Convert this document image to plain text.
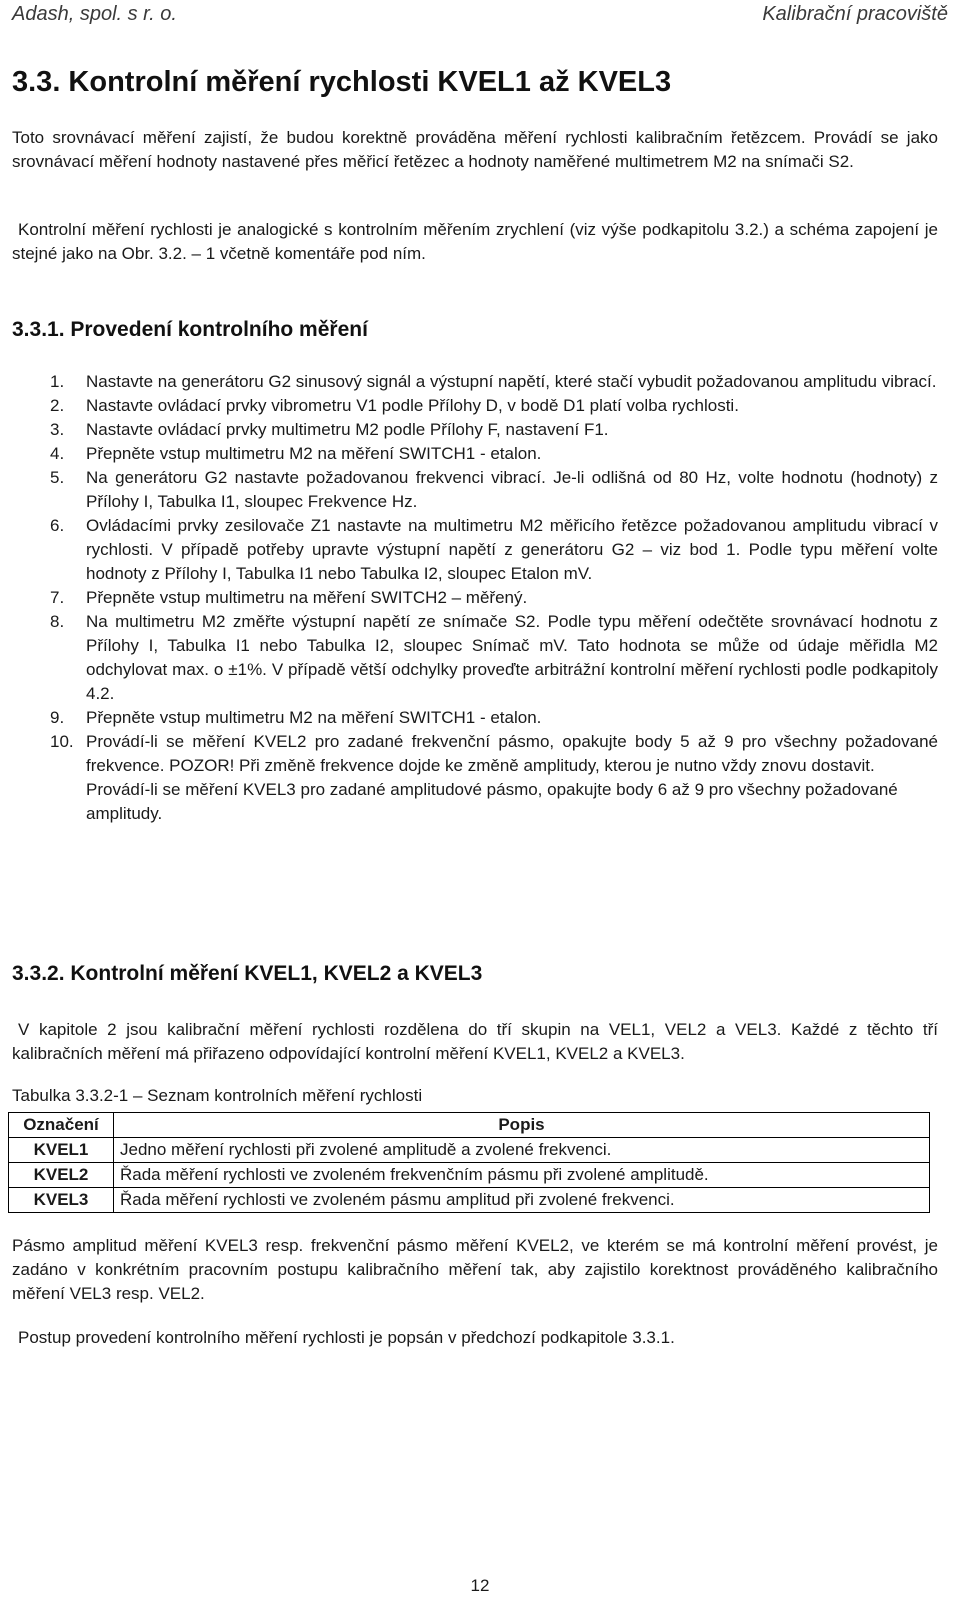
Adash, spol. s r. o.	Kalibrační pracoviště
3.3. Kontrolní měření rychlosti KVEL1 až KVEL3
Toto srovnávací měření zajistí, že budou korektně prováděna měření rychlosti kalibračním řetězcem. Provádí se jako srovnávací měření hodnoty nastavené přes měřicí řetězec a hodnoty naměřené multimetrem M2 na snímači S2.
Kontrolní měření rychlosti je analogické s kontrolním měřením zrychlení (viz výše podkapitolu 3.2.) a schéma zapojení je stejné jako na Obr. 3.2. – 1 včetně komentáře pod ním.
3.3.1. Provedení kontrolního měření
1. Nastavte na generátoru G2 sinusový signál a výstupní napětí, které stačí vybudit požadovanou amplitudu vibrací.
2. Nastavte ovládací prvky vibrometru V1 podle Přílohy D, v bodě D1 platí volba rychlosti.
3. Nastavte ovládací prvky multimetru M2 podle Přílohy F, nastavení F1.
4. Přepněte vstup multimetru M2 na měření SWITCH1 - etalon.
5. Na generátoru G2 nastavte požadovanou frekvenci vibrací. Je-li odlišná od 80 Hz, volte hodnotu (hodnoty) z Přílohy I, Tabulka I1, sloupec Frekvence Hz.
6. Ovládacími prvky zesilovače Z1 nastavte na multimetru M2 měřicího řetězce požadovanou amplitudu vibrací v rychlosti. V případě potřeby upravte výstupní napětí z generátoru G2 – viz bod 1. Podle typu měření volte hodnoty z Přílohy I, Tabulka I1 nebo Tabulka I2, sloupec Etalon mV.
7. Přepněte vstup multimetru na měření SWITCH2 – měřený.
8. Na multimetru M2 změřte výstupní napětí ze snímače S2. Podle typu měření odečtěte srovnávací hodnotu z Přílohy I, Tabulka I1 nebo Tabulka I2, sloupec Snímač mV. Tato hodnota se může od údaje měřidla M2 odchylovat max. o ±1%. V případě větší odchylky proveďte arbitrážní kontrolní měření rychlosti podle podkapitoly 4.2.
9. Přepněte vstup multimetru M2 na měření SWITCH1 - etalon.
10. Provádí-li se měření KVEL2 pro zadané frekvenční pásmo, opakujte body 5 až 9 pro všechny požadované frekvence. POZOR! Při změně frekvence dojde ke změně amplitudy, kterou je nutno vždy znovu dostavit.
Provádí-li se měření KVEL3 pro zadané amplitudové pásmo, opakujte body 6 až 9 pro všechny požadované amplitudy.
3.3.2. Kontrolní měření KVEL1, KVEL2 a KVEL3
V kapitole 2 jsou kalibrační měření rychlosti rozdělena do tří skupin na VEL1, VEL2 a VEL3. Každé z těchto tří kalibračních měření má přiřazeno odpovídající kontrolní měření KVEL1, KVEL2 a KVEL3.
Tabulka 3.3.2-1 – Seznam kontrolních měření rychlosti
Označení	Popis
KVEL1	Jedno měření rychlosti při zvolené amplitudě a zvolené frekvenci.
KVEL2	Řada měření rychlosti ve zvoleném frekvenčním pásmu při zvolené amplitudě.
KVEL3	Řada měření rychlosti ve zvoleném pásmu amplitud při zvolené frekvenci.
Pásmo amplitud měření KVEL3 resp. frekvenční pásmo měření KVEL2, ve kterém se má kontrolní měření provést, je zadáno v konkrétním pracovním postupu kalibračního měření tak, aby zajistilo korektnost prováděného kalibračního měření VEL3 resp. VEL2.
Postup provedení kontrolního měření rychlosti je popsán v předchozí podkapitole 3.3.1.
12
